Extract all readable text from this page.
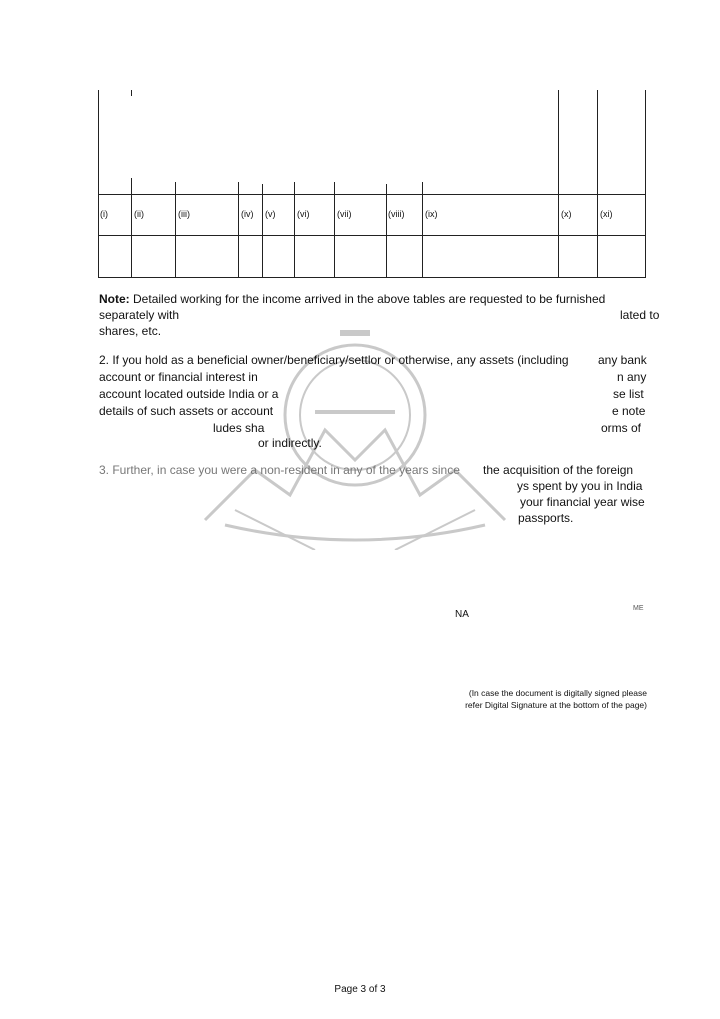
(i)	(ii)	(iii)	(iv) (v) (vi)	(vii)	(viii) (ix)	(x)	(xi)
Note: Detailed working for the income arrived in the above tables are requested to be furnished
separately with	lated to
shares, etc.
2. If you hold as a beneficial owner/beneficiary/settlor or otherwise, any assets (including any bank
account or financial interest in	n any
account located outside India or a	se list
details of such assets or account	e note
ludes sha	orms of
or indirectly.
3. Further, in case you were a non-resident in any of the years since the acquisition of the foreign
ys spent by you in India
your financial year wise
passports.
NA
ME
(In case the document is digitally signed please
refer Digital Signature at the bottom of the page)
Page 3 of 3
